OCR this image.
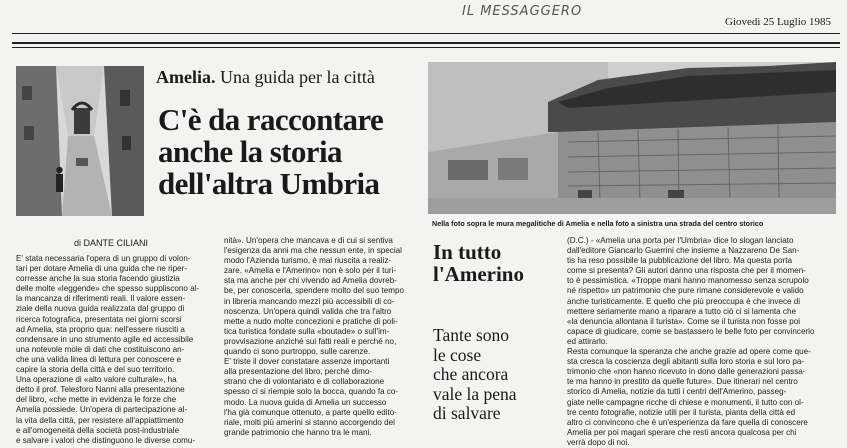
IL MESSAGGERO
Giovedì 25 Luglio 1985
Amelia. Una guida per la città
C'è da raccontare
anche la storia
dell'altra Umbria
di DANTE CILIANI
E' stata necessaria l'opera di un gruppo di volon-
tari per dotare Amelia di una guida che ne riper-
corresse anche la sua storia facendo giustizia
delle molte «leggende» che spesso suppliscono al-
la mancanza di riferimenti reali. Il valore essen-
ziale della nuova guida realizzata dal gruppo di
ricerca fotografica, presentata nei giorni scorsi
ad Amelia, sta proprio qua: nell'essere riusciti a
condensare in uno strumento agile ed accessibile
una notevole mole di dati che costituiscono an-
che una valida linea di lettura per conoscere e
capire la storia della città e del suo territorio.
Una operazione di «alto valore culturale», ha
detto il prof. Telesforo Nanni alla presentazione
del libro, «che mette in evidenza le forze che
Amelia possiede. Un'opera di partecipazione al-
la vita della città, per resistere all'appiattimento
e all'omogeneità della società post-industriale
e salvare i valori che distinguono le diverse comu-
nità». Un'opera che mancava e di cui si sentiva
l'esigenza da anni ma che nessun ente, in special
modo l'Azienda turismo, è mai riuscita a realiz-
zare. «Amelia e l'Amerino» non è solo per il turi-
sta ma anche per chi vivendo ad Amelia dovreb-
be, per conoscerla, spendere molto del suo tempo
in libreria mancando mezzi più accessibili di co-
noscenza. Un'opera quindi valida che tra l'altro
mette a nudo molte concezioni e pratiche di poli-
tica turistica fondate sulla «boutade» o sull'im-
provvisazione anziché sui fatti reali e perché no,
quando ci sono purtroppo, sulle carenze.
E' triste il dover constatare assenze importanti
alla presentazione del libro, perché dimo-
strano che di volontariato e di collaborazione
spesso ci si riempie solo la bocca, quando fa co-
modo. La nuova guida di Amelia un successo
l'ha già comunque ottenuto, a parte quello edito-
riale, molti più amerini si stanno accorgendo del
grande patrimonio che hanno tra le mani.
Nella foto sopra le mura megalitiche di Amelia e nella foto a sinistra una strada del centro storico
In tutto
l'Amerino
Tante sono
le cose
che ancora
vale la pena
di salvare
(D.C.) - «Amelia una porta per l'Umbria» dice lo slogan lanciato
dall'editore Giancarlo Guerrini che insieme a Nazzareno De San-
tis ha reso possibile la pubblicazione del libro. Ma questa porta
come si presenta? Gli autori danno una risposta che per il momen-
to è pessimistica. «Troppe mani hanno manomesso senza scrupolo
né rispetto» un patrimonio che pure rimane considerevole e valido
anche turisticamente. E quello che più preoccupa è che invece di
mettere seriamente mano a riparare a tutto ciò ci si lamenta che
«la denuncia allontana il turista». Come se il turista non fosse poi
capace di giudicare, come se bastassero le belle foto per convincerlo
ed attirarlo.
Resta comunque la speranza che anche grazie ad opere come que-
sta cresca la coscienza degli abitanti sulla loro storia e sul loro pa-
trimonio che «non hanno ricevuto in dono dalle generazioni passa-
te ma hanno in prestito da quelle future». Due itinerari nel centro
storico di Amelia, notizie da tutti i centri dell'Amerino, passeg-
giate nelle campagne ricche di chiese e monumenti, il tutto con ol-
tre cento fotografie, notizie utili per il turista, pianta della città ed
altro ci convincono che è un'esperienza da fare quella di conoscere
Amelia per poi magari sperare che resti ancora qualcosa per chi
verrà dopo di noi.
